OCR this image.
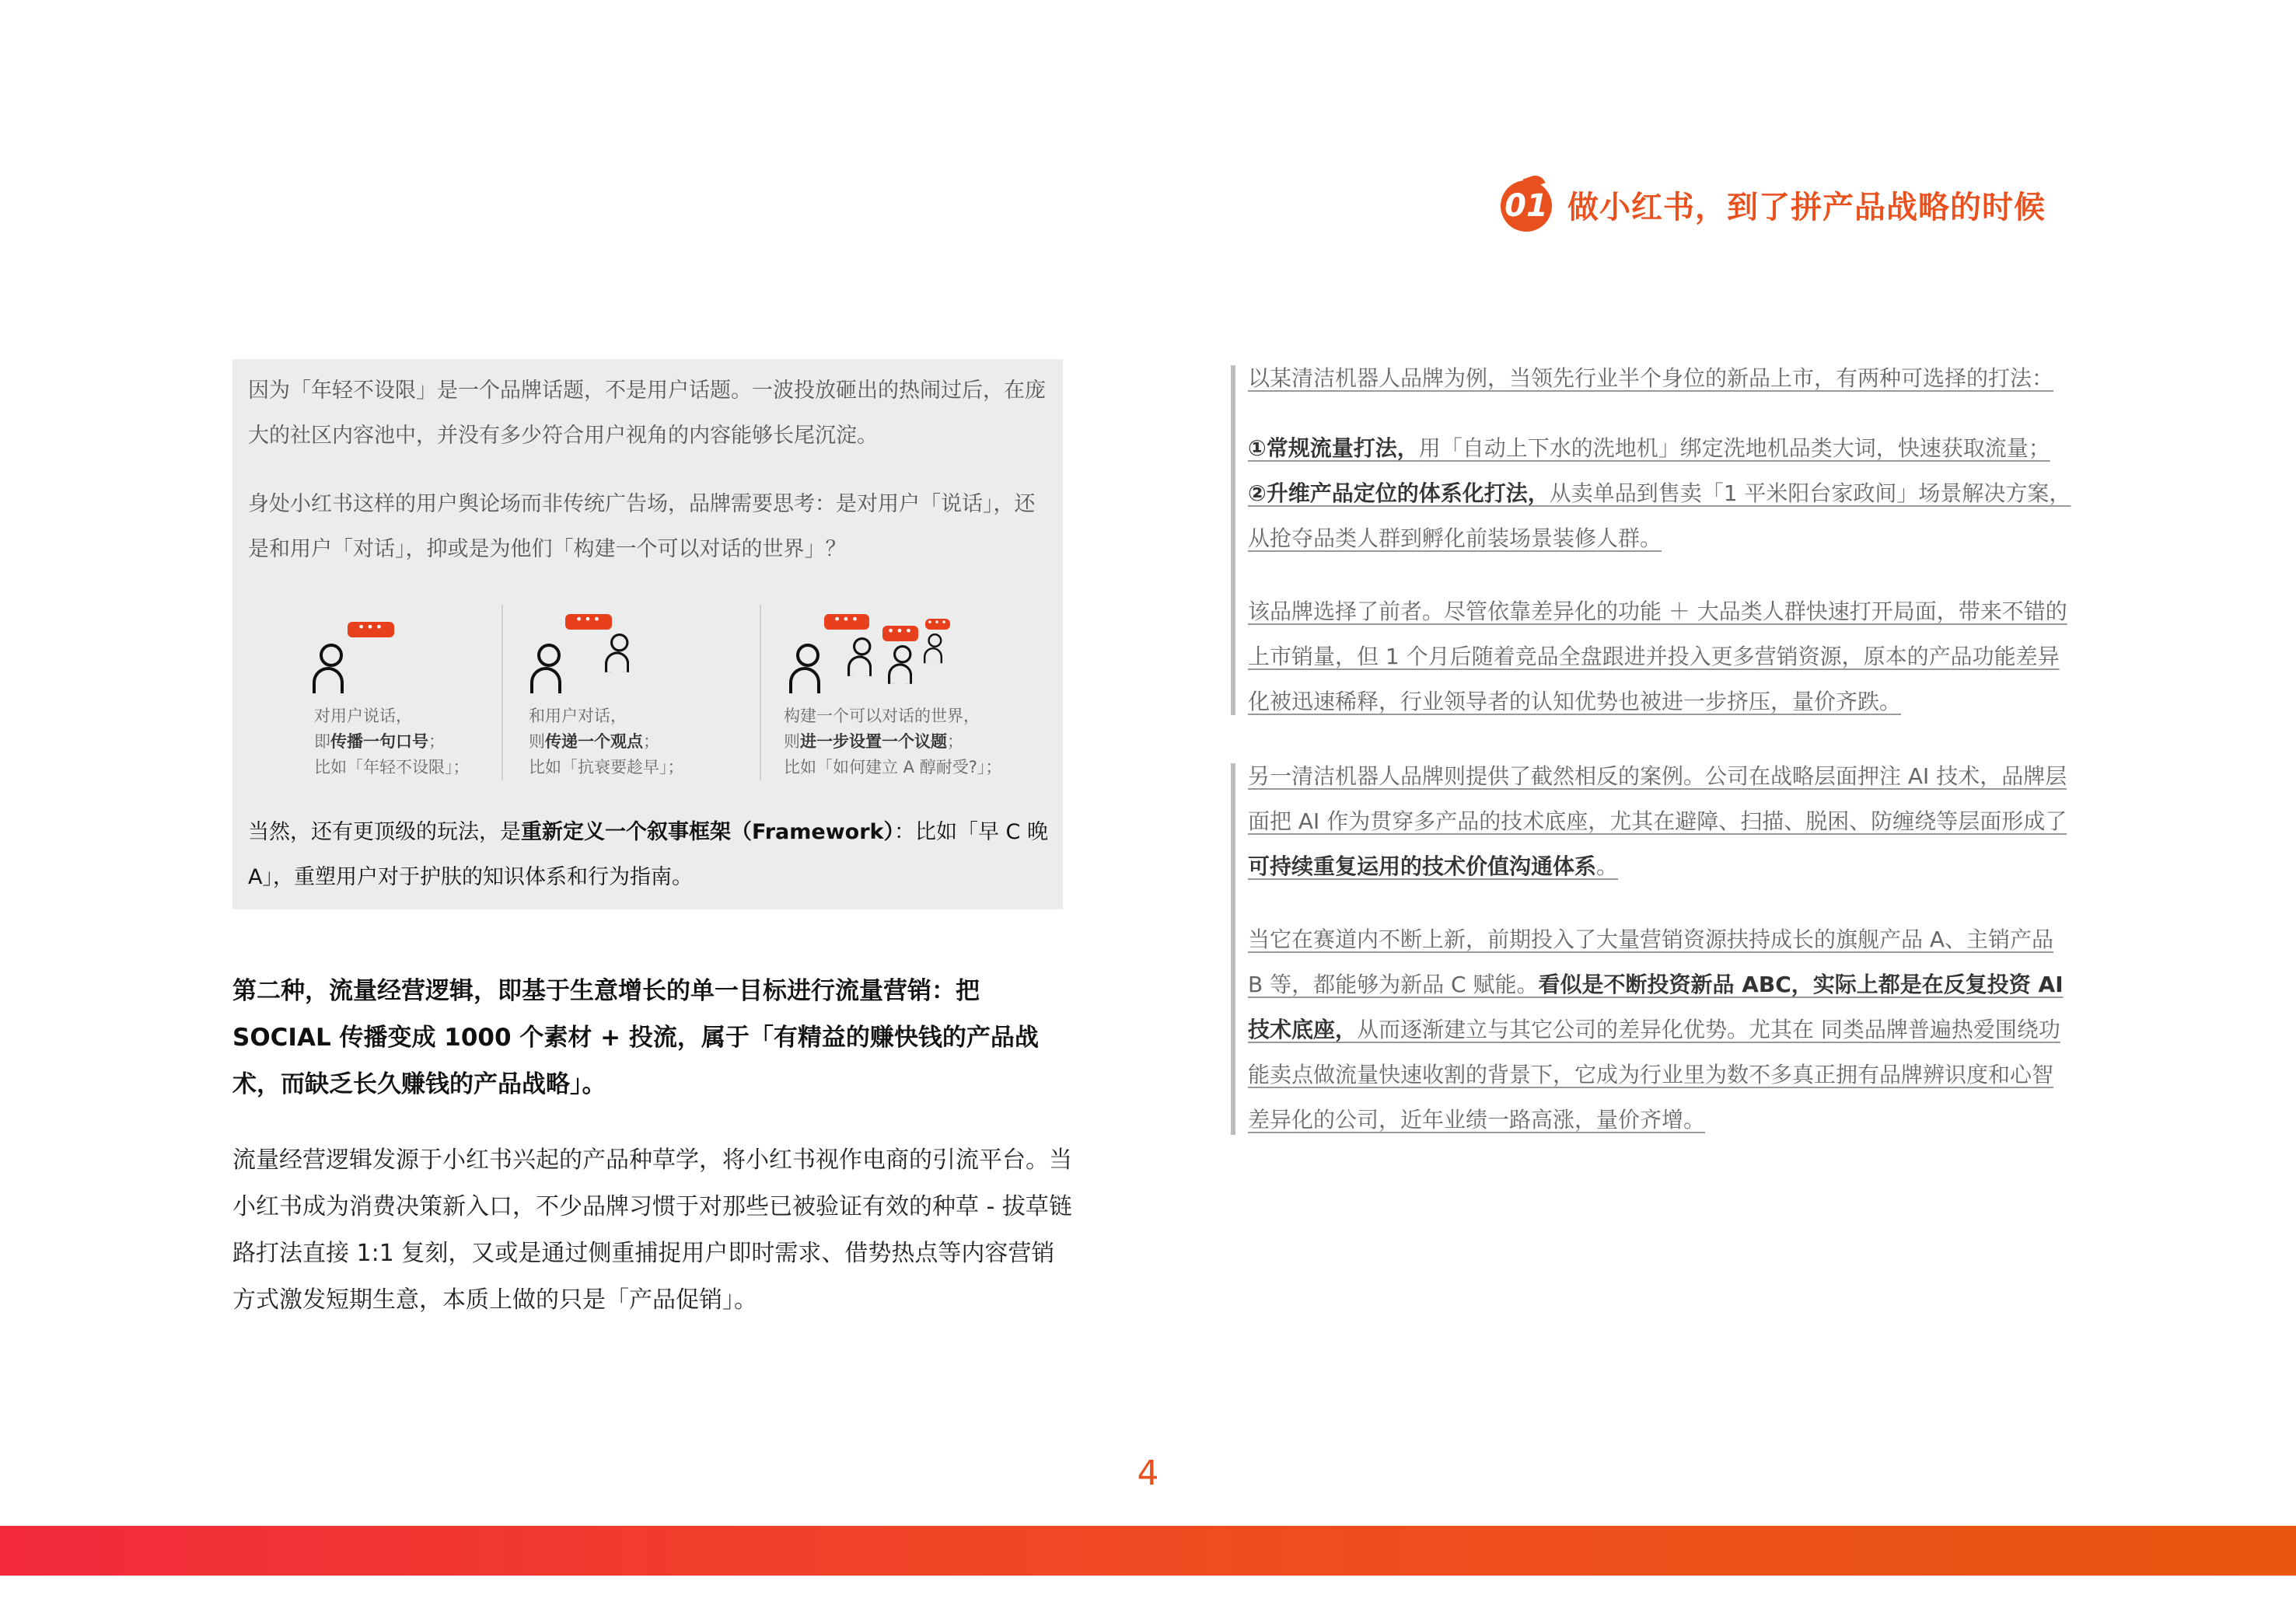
01 做小红书，到了拼产品战略的时候

因为「年轻不设限」是一个品牌话题，不是用户话题。一波投放砸出的热闹过后，在庞大的社区内容池中，并没有多少符合用户视角的内容能够长尾沉淀。

身处小红书这样的用户舆论场而非传统广告场，品牌需要思考：是对用户「说话」，还是和用户「对话」，抑或是为他们「构建一个可以对话的世界」？

当然，还有更顶级的玩法，是重新定义一个叙事框架（Framework）：比如「早 C 晚 A」，重塑用户对于护肤的知识体系和行为指南。

•••
对用户说话，
即传播一句口号；
比如「年轻不设限」；
•••
和用户对话，
则传递一个观点；
比如「抗衰要趁早」；
•••
•••
•••
构建一个可以对话的世界，
则进一步设置一个议题；
比如「如何建立 A 醇耐受?」；

第二种，流量经营逻辑，即基于生意增长的单一目标进行流量营销：把 SOCIAL 传播变成 1000 个素材 + 投流，属于「有精益的赚快钱的产品战术，而缺乏长久赚钱的产品战略」。

流量经营逻辑发源于小红书兴起的产品种草学，将小红书视作电商的引流平台。当小红书成为消费决策新入口，不少品牌习惯于对那些已被验证有效的种草 - 拔草链路打法直接 1:1 复刻，又或是通过侧重捕捉用户即时需求、借势热点等内容营销方式激发短期生意，本质上做的只是「产品促销」。

以某清洁机器人品牌为例，当领先行业半个身位的新品上市，有两种可选择的打法：

①常规流量打法，用「自动上下水的洗地机」绑定洗地机品类大词，快速获取流量；
②升维产品定位的体系化打法，从卖单品到售卖「1 平米阳台家政间」场景解决方案，从抢夺品类人群到孵化前装场景装修人群。

该品牌选择了前者。尽管依靠差异化的功能 ＋ 大品类人群快速打开局面，带来不错的上市销量，但 1 个月后随着竞品全盘跟进并投入更多营销资源，原本的产品功能差异化被迅速稀释，行业领导者的认知优势也被进一步挤压，量价齐跌。

另一清洁机器人品牌则提供了截然相反的案例。公司在战略层面押注 AI 技术，品牌层面把 AI 作为贯穿多产品的技术底座，尤其在避障、扫描、脱困、防缠绕等层面形成了可持续重复运用的技术价值沟通体系。

当它在赛道内不断上新，前期投入了大量营销资源扶持成长的旗舰产品 A、主销产品 B 等，都能够为新品 C 赋能。看似是不断投资新品 ABC，实际上都是在反复投资 AI 技术底座，从而逐渐建立与其它公司的差异化优势。尤其在 同类品牌普遍热爱围绕功能卖点做流量快速收割的背景下，它成为行业里为数不多真正拥有品牌辨识度和心智差异化的公司，近年业绩一路高涨，量价齐增。

4
